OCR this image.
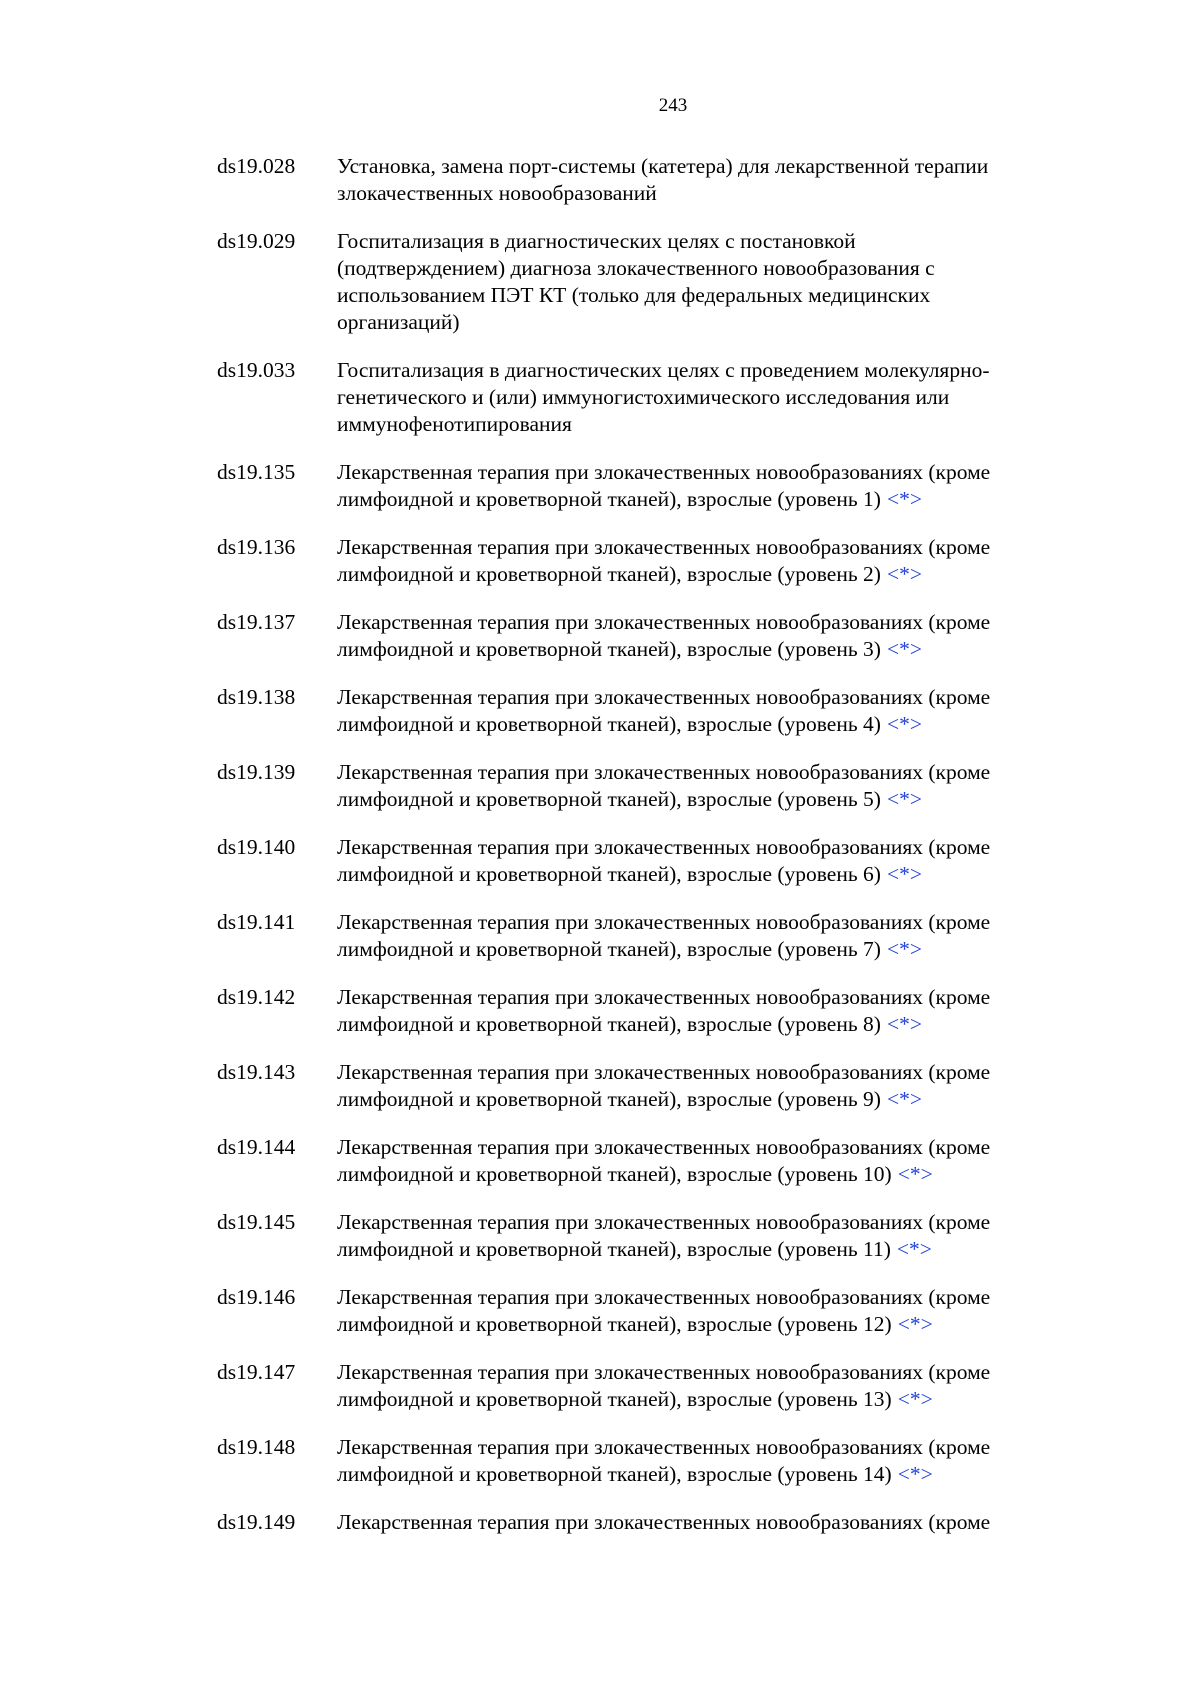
243
ds19.028	Установка, замена порт-системы (катетера) для лекарственной терапии
злокачественных новообразований
ds19.029	Госпитализация в диагностических целях с постановкой
(подтверждением) диагноза злокачественного новообразования с
использованием ПЭТ КТ (только для федеральных медицинских
организаций)
ds19.033	Госпитализация в диагностических целях с проведением молекулярно-
генетического и (или) иммуногистохимического исследования или
иммунофенотипирования
ds19.135	Лекарственная терапия при злокачественных новообразованиях (кроме
лимфоидной и кроветворной тканей), взрослые (уровень 1) <*>
ds19.136	Лекарственная терапия при злокачественных новообразованиях (кроме
лимфоидной и кроветворной тканей), взрослые (уровень 2) <*>
ds19.137	Лекарственная терапия при злокачественных новообразованиях (кроме
лимфоидной и кроветворной тканей), взрослые (уровень 3) <*>
ds19.138	Лекарственная терапия при злокачественных новообразованиях (кроме
лимфоидной и кроветворной тканей), взрослые (уровень 4) <*>
ds19.139	Лекарственная терапия при злокачественных новообразованиях (кроме
лимфоидной и кроветворной тканей), взрослые (уровень 5) <*>
ds19.140	Лекарственная терапия при злокачественных новообразованиях (кроме
лимфоидной и кроветворной тканей), взрослые (уровень 6) <*>
ds19.141	Лекарственная терапия при злокачественных новообразованиях (кроме
лимфоидной и кроветворной тканей), взрослые (уровень 7) <*>
ds19.142	Лекарственная терапия при злокачественных новообразованиях (кроме
лимфоидной и кроветворной тканей), взрослые (уровень 8) <*>
ds19.143	Лекарственная терапия при злокачественных новообразованиях (кроме
лимфоидной и кроветворной тканей), взрослые (уровень 9) <*>
ds19.144	Лекарственная терапия при злокачественных новообразованиях (кроме
лимфоидной и кроветворной тканей), взрослые (уровень 10) <*>
ds19.145	Лекарственная терапия при злокачественных новообразованиях (кроме
лимфоидной и кроветворной тканей), взрослые (уровень 11) <*>
ds19.146	Лекарственная терапия при злокачественных новообразованиях (кроме
лимфоидной и кроветворной тканей), взрослые (уровень 12) <*>
ds19.147	Лекарственная терапия при злокачественных новообразованиях (кроме
лимфоидной и кроветворной тканей), взрослые (уровень 13) <*>
ds19.148	Лекарственная терапия при злокачественных новообразованиях (кроме
лимфоидной и кроветворной тканей), взрослые (уровень 14) <*>
ds19.149	Лекарственная терапия при злокачественных новообразованиях (кроме
